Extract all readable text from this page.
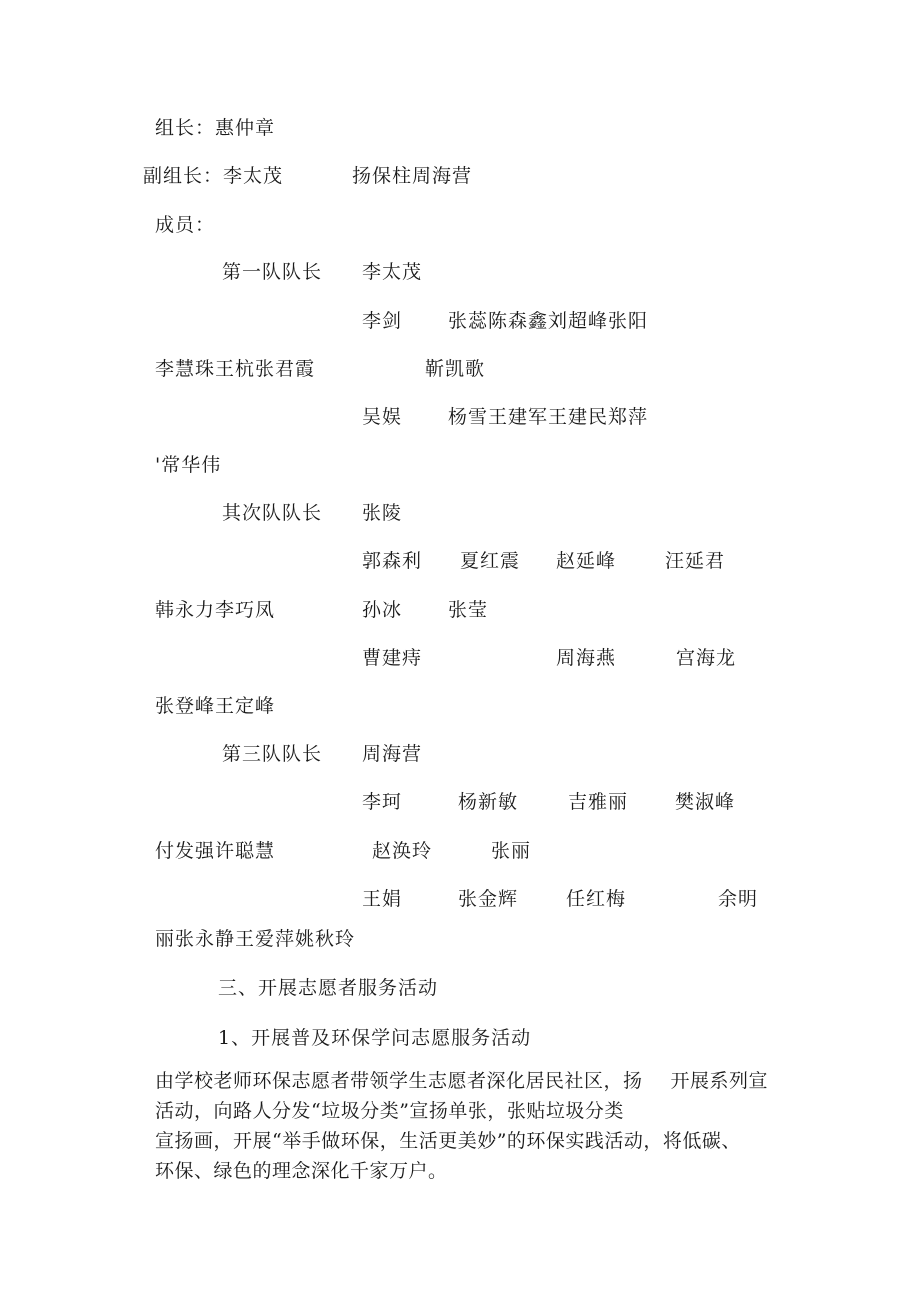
组长：惠仲章
副组长：李太茂	扬保柱周海营
成员：
第一队队长 李太茂
李剑 张蕊陈森鑫刘超峰张阳
李慧珠王杭张君霞	靳凯歌
吴娱 杨雪王建军王建民郑萍
'常华伟
其次队队长 张陵
郭森利 夏红震 赵延峰	汪延君
韩永力李巧凤	孙冰 张莹
曹建痔	周海燕	宫海龙
张登峰王定峰
第三队队长 周海营
李珂	杨新敏	吉雅丽 樊淑峰
付发强许聪慧	赵涣玲	张丽
王娟	张金辉	任红梅	余明
丽张永静王爱萍姚秋玲
三、开展志愿者服务活动
1、开展普及环保学问志愿服务活动
由学校老师环保志愿者带领学生志愿者深化居民社区，扬 开展系列宣
活动，向路人分发“垃圾分类”宣扬单张，张贴垃圾分类
宣扬画，开展“举手做环保，生活更美妙”的环保实践活动，将低碳、
环保、绿色的理念深化千家万户。
